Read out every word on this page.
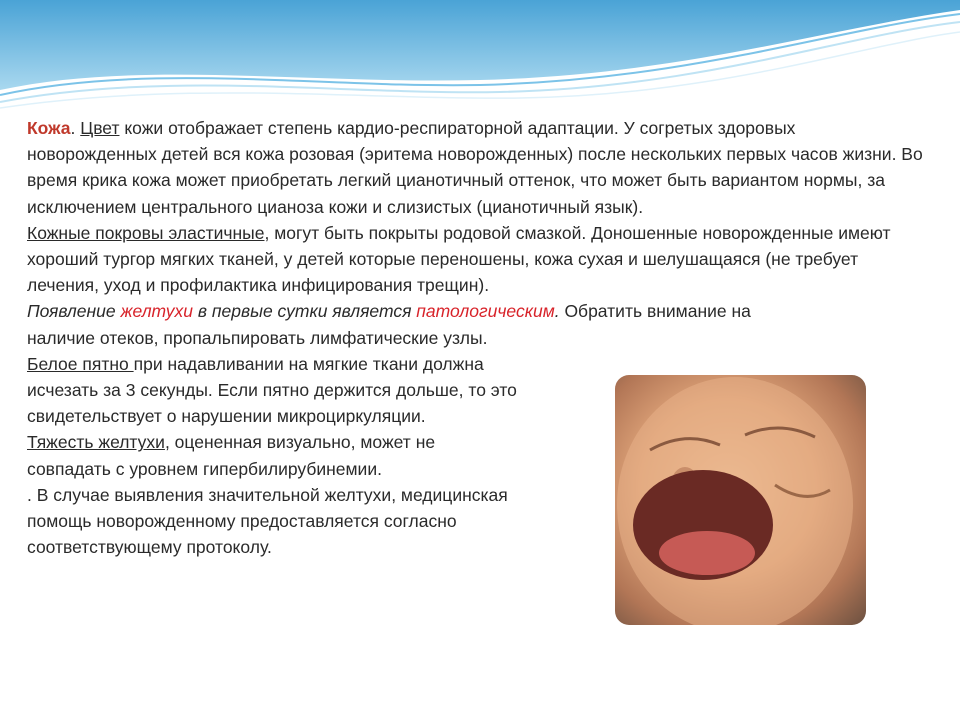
Кожа. Цвет кожи отображает степень кардио-респираторной адаптации. У согретых здоровых новорожденных детей вся кожа розовая (эритема новорожденных) после нескольких первых часов жизни. Во время крика кожа может приобретать легкий цианотичный оттенок, что может быть вариантом нормы, за исключением центрального цианоза кожи и слизистых (цианотичный язык).

Кожные покровы эластичные, могут быть покрыты родовой смазкой. Доношенные новорожденные имеют хороший тургор мягких тканей, у детей которые переношены, кожа сухая и шелушащаяся (не требует лечения, уход и профилактика инфицирования трещин).

Появление желтухи в первые сутки является патологическим. Обратить внимание на
наличие отеков, пропальпировать лимфатические узлы.

Белое пятно при надавливании на мягкие ткани должна исчезать за 3 секунды. Если пятно держится дольше, то это свидетельствует о нарушении микроциркуляции.

Тяжесть желтухи, оцененная визуально, может не совпадать с уровнем гипербилирубинемии.

. В случае выявления значительной желтухи, медицинская помощь новорожденному предоставляется согласно соответствующему протоколу.
